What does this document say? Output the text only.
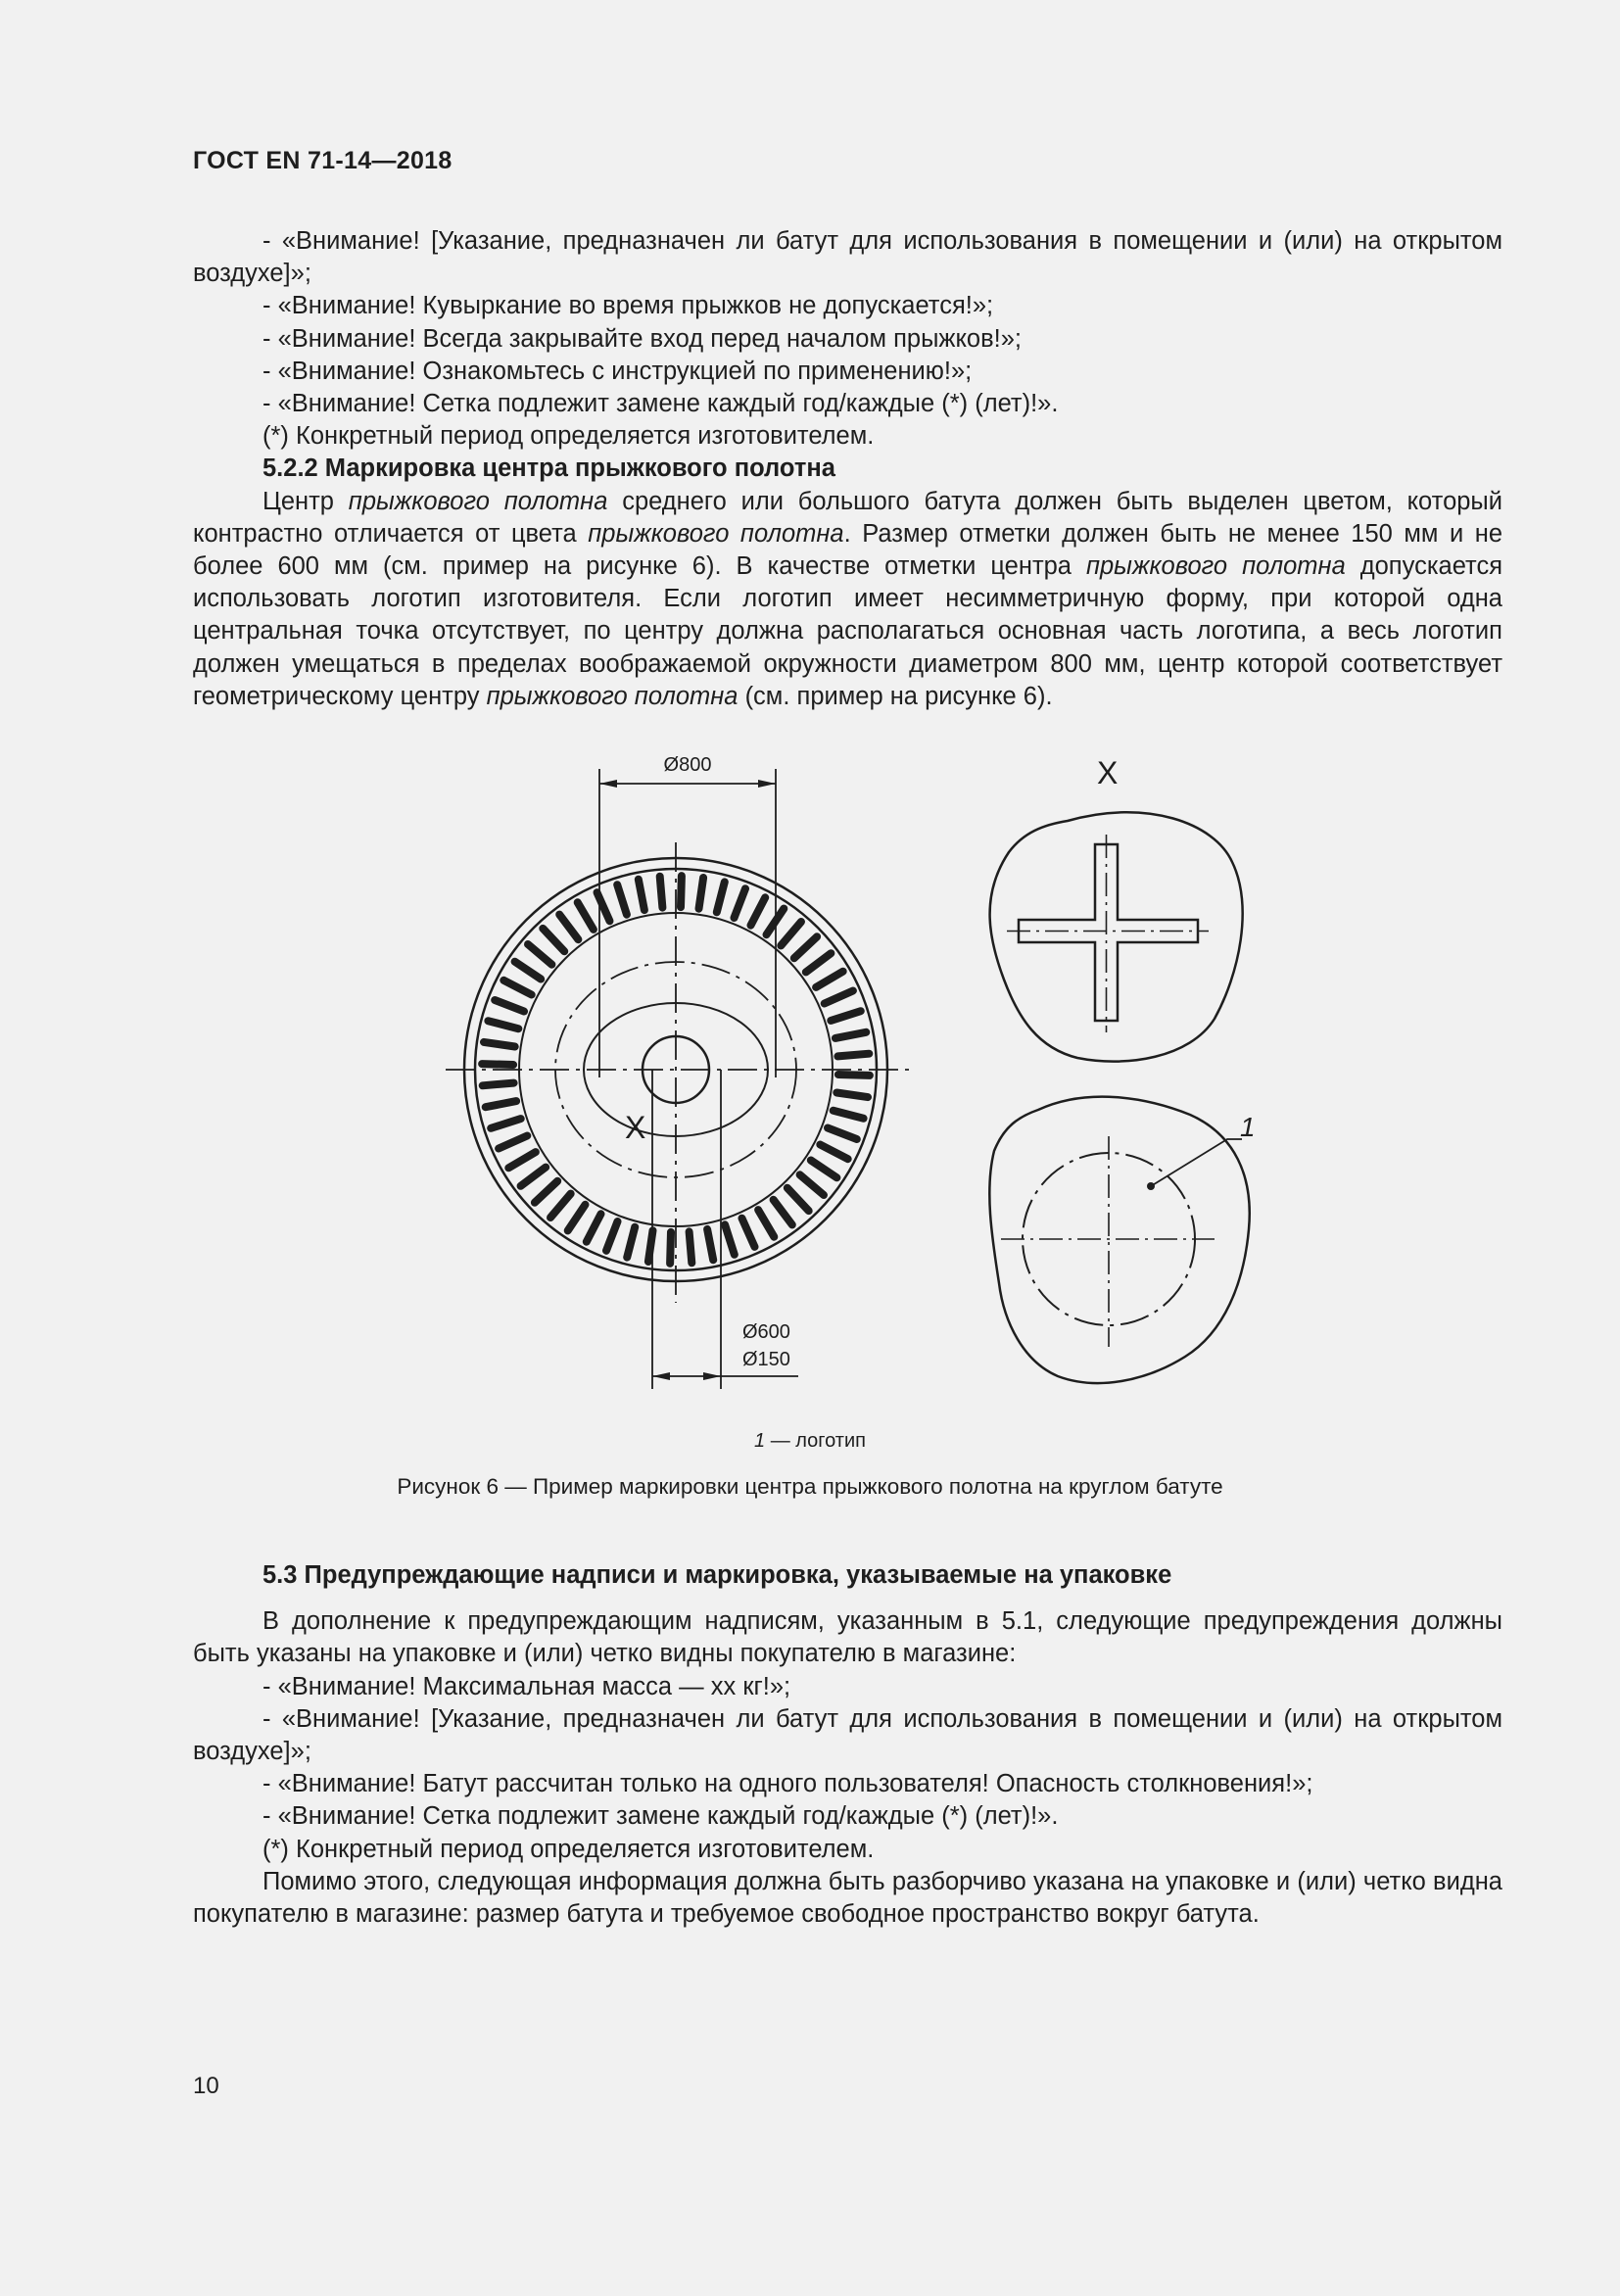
ГОСТ EN 71-14—2018

- «Внимание! [Указание, предназначен ли батут для использования в помещении и (или) на открытом воздухе]»;

- «Внимание! Кувыркание во время прыжков не допускается!»;

- «Внимание! Всегда закрывайте вход перед началом прыжков!»;

- «Внимание! Ознакомьтесь с инструкцией по применению!»;

- «Внимание! Сетка подлежит замене каждый год/каждые (*) (лет)!».

(*) Конкретный период определяется изготовителем.

5.2.2 Маркировка центра прыжкового полотна

Центр прыжкового полотна среднего или большого батута должен быть выделен цветом, который контрастно отличается от цвета прыжкового полотна. Размер отметки должен быть не менее 150 мм и не более 600 мм (см. пример на рисунке 6). В качестве отметки центра прыжкового полотна допускается использовать логотип изготовителя. Если логотип имеет несимметричную форму, при которой одна центральная точка отсутствует, по центру должна располагаться основная часть логотипа, а весь логотип должен умещаться в пределах воображаемой окружности диаметром 800 мм, центр которой соответствует геометрическому центру прыжкового полотна (см. пример на рисунке 6).

Ø800
Ø600
Ø150
X
X
1
1 — логотип
Рисунок 6 — Пример маркировки центра прыжкового полотна на круглом батуте

5.3 Предупреждающие надписи и маркировка, указываемые на упаковке

В дополнение к предупреждающим надписям, указанным в 5.1, следующие предупреждения должны быть указаны на упаковке и (или) четко видны покупателю в магазине:

- «Внимание! Максимальная масса — хх кг!»;

- «Внимание! [Указание, предназначен ли батут для использования в помещении и (или) на открытом воздухе]»;

- «Внимание! Батут рассчитан только на одного пользователя! Опасность столкновения!»;

- «Внимание! Сетка подлежит замене каждый год/каждые (*) (лет)!».

(*) Конкретный период определяется изготовителем.

Помимо этого, следующая информация должна быть разборчиво указана на упаковке и (или) четко видна покупателю в магазине: размер батута и требуемое свободное пространство вокруг батута.

10
